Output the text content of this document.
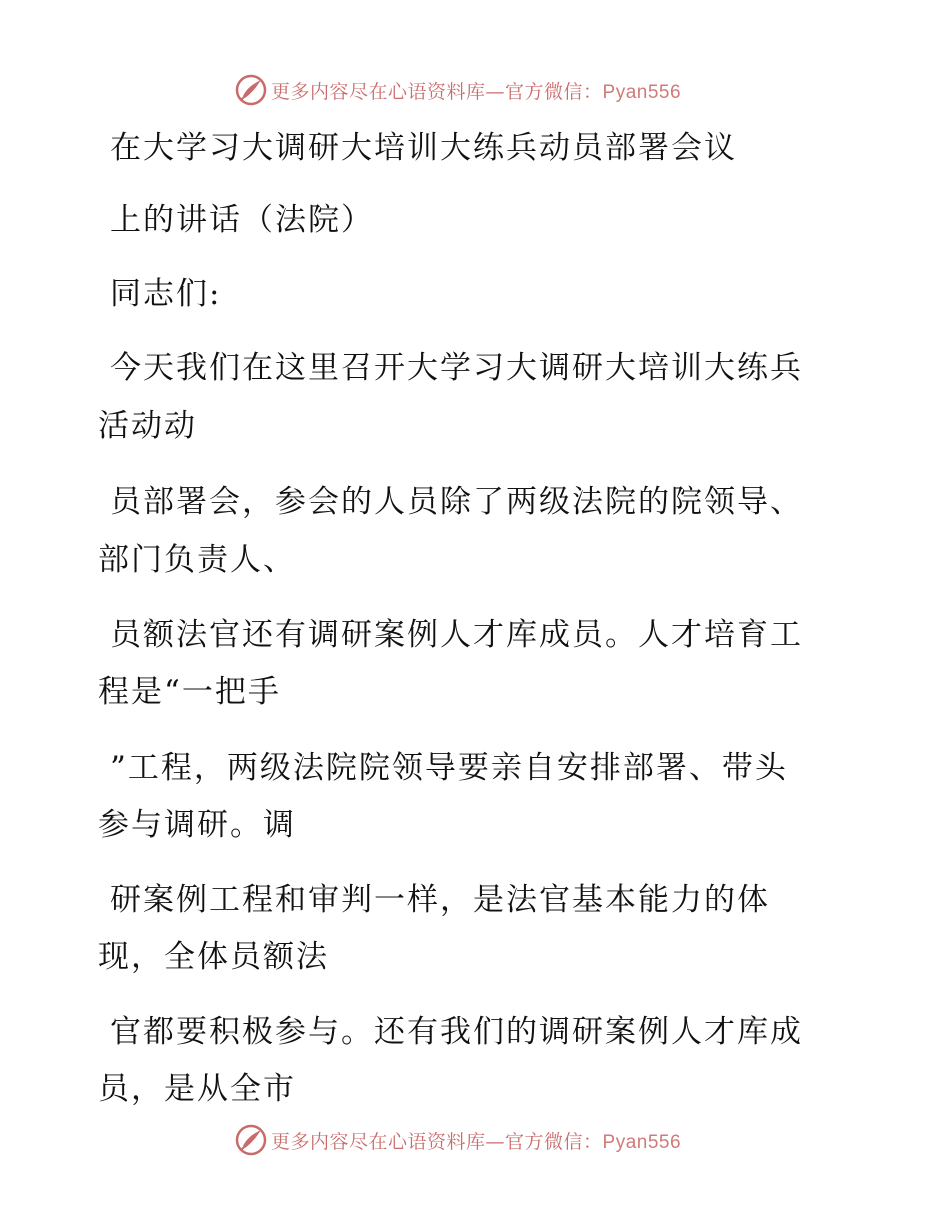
更多内容尽在心语资料库—官方微信：Pyan556
在大学习大调研大培训大练兵动员部署会议
上的讲话（法院）
同志们:
今天我们在这里召开大学习大调研大培训大练兵
活动动
员部署会，参会的人员除了两级法院的院领导、
部门负责人、
员额法官还有调研案例人才库成员。人才培育工
程是“一把手
”工程，两级法院院领导要亲自安排部署、带头
参与调研。调
研案例工程和审判一样，是法官基本能力的体
现，全体员额法
官都要积极参与。还有我们的调研案例人才库成
员，是从全市
更多内容尽在心语资料库—官方微信：Pyan556
